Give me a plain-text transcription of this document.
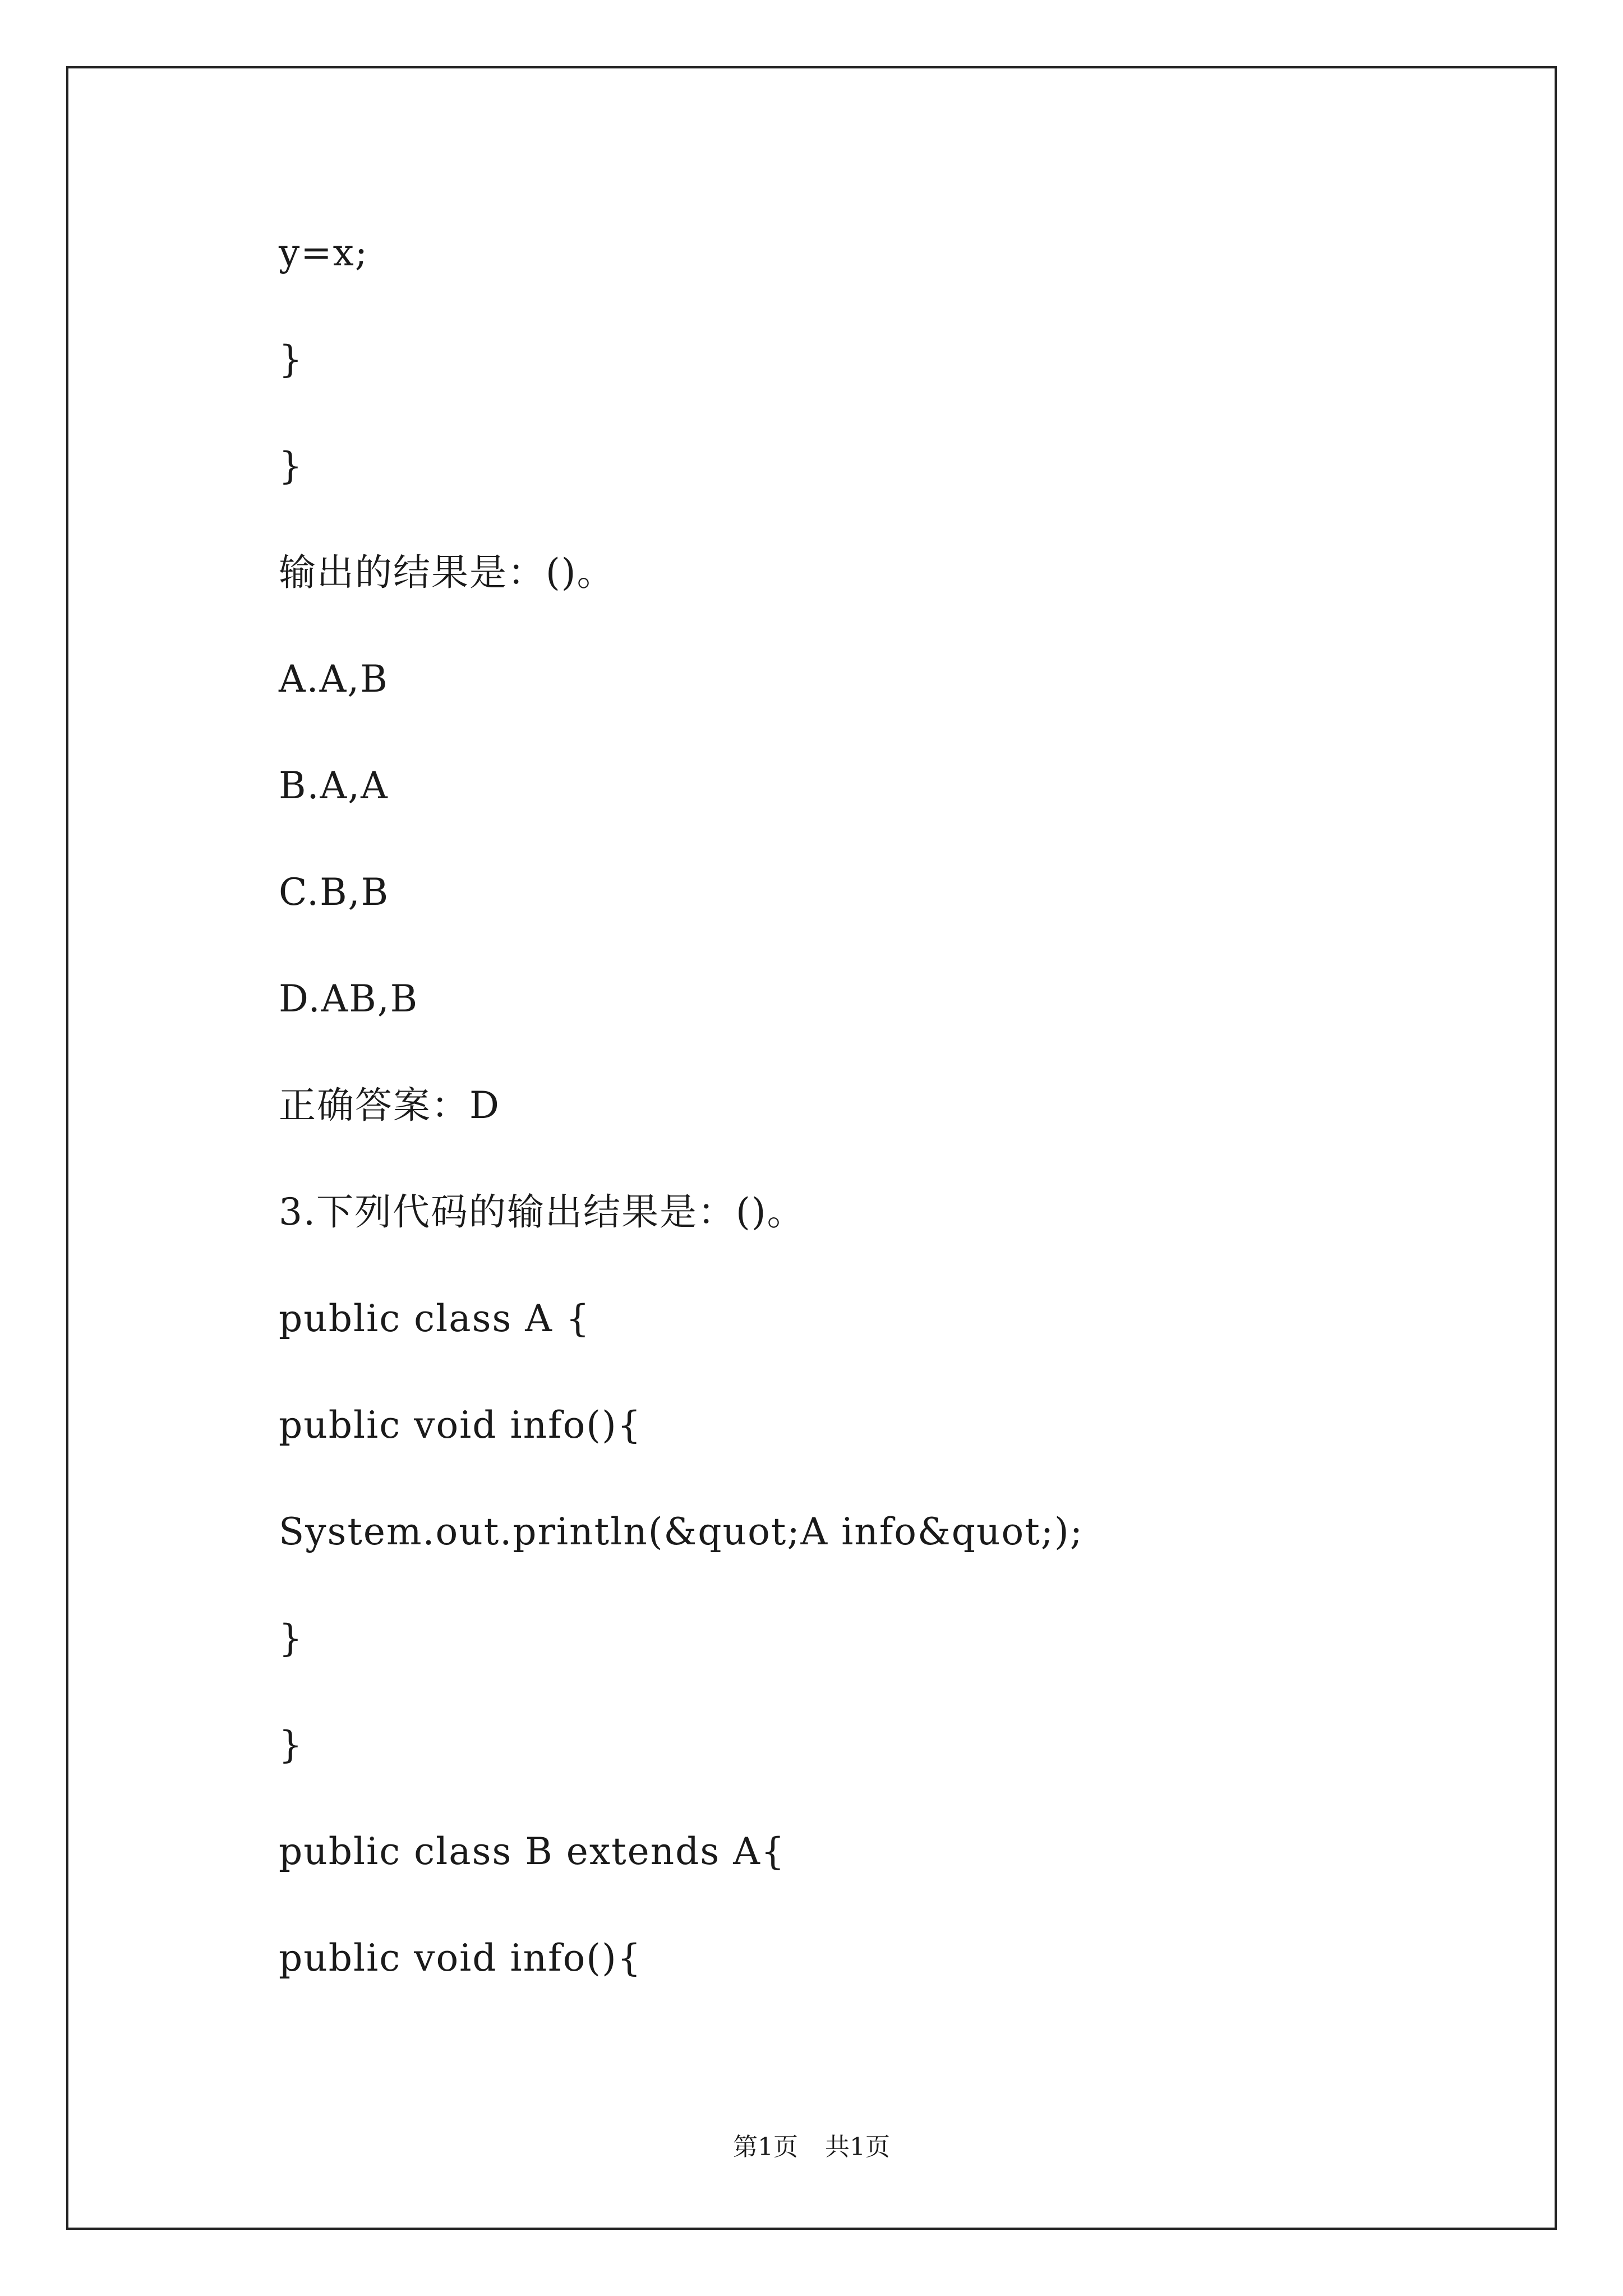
y=x;
}
}
输出的结果是：()。
A.A,B
B.A,A
C.B,B
D.AB,B
正确答案：D
3.下列代码的输出结果是：()。
public class A {
public void info(){
System.out.println(&quot;A info&quot;);
}
}
public class B extends A{
public void info(){
第1页 共1页
